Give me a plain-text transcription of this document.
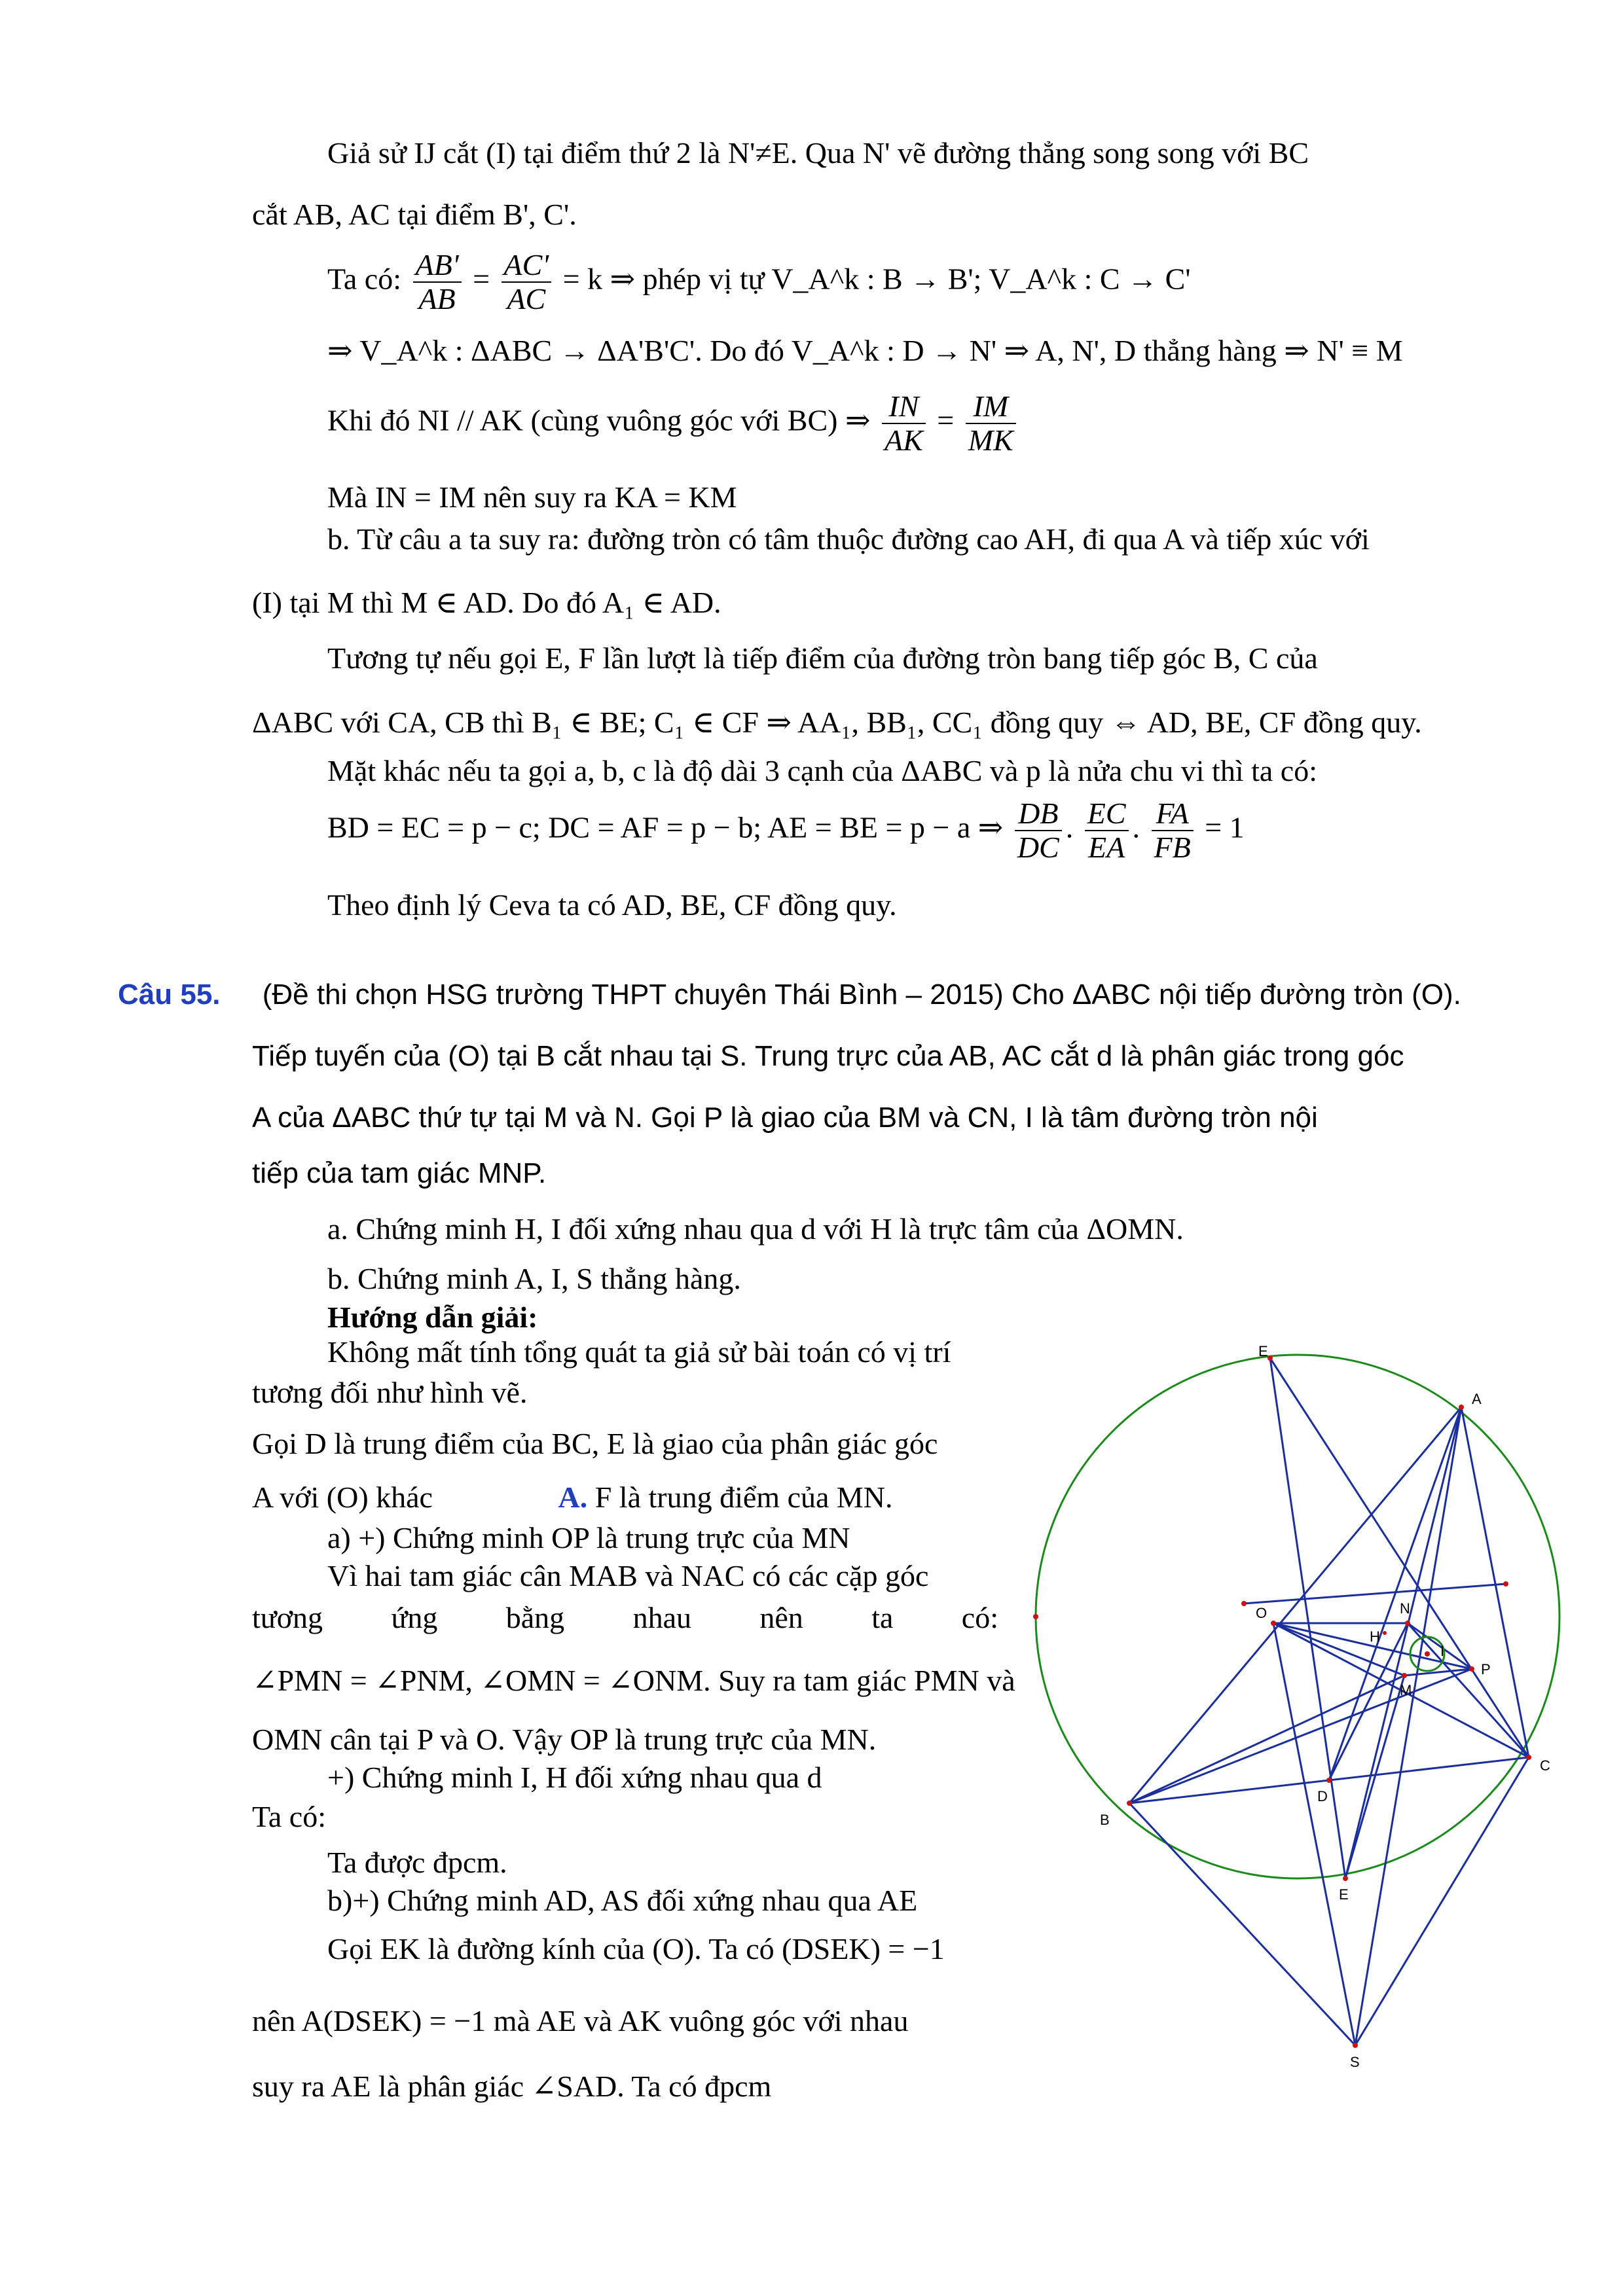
Giả sử IJ cắt (I) tại điểm thứ 2 là N'≠E. Qua N' vẽ đường thẳng song song với BC
cắt AB, AC tại điểm B', C'.
Ta có: $\frac{AB'}{AB} = \frac{AC'}{AC} = k$ ⇒ phép vị tự V_A^k : B → B'; V_A^k : C → C'
⇒ V_A^k : ΔABC → ΔA'B'C'. Do đó V_A^k : D → N' ⇒ A, N', D thẳng hàng ⇒ N' ≡ M
Khi đó NI // AK (cùng vuông góc với BC) ⇒ $\frac{IN}{AK} = \frac{IM}{MK}$
Mà IN = IM nên suy ra KA = KM
b. Từ câu a ta suy ra: đường tròn có tâm thuộc đường cao AH, đi qua A và tiếp xúc với
(I) tại M thì M ∈ AD. Do đó A₁ ∈ AD.
Tương tự nếu gọi E, F lần lượt là tiếp điểm của đường tròn bang tiếp góc B, C của
ΔABC với CA, CB thì B₁ ∈ BE; C₁ ∈ CF ⇒ AA₁, BB₁, CC₁ đồng quy ⇔ AD, BE, CF đồng quy.
Mặt khác nếu ta gọi a, b, c là độ dài 3 cạnh của ΔABC và p là nửa chu vi thì ta có:
BD = EC = p − c; DC = AF = p − b; AE = BE = p − a ⇒ $\frac{DB}{DC}$ . $\frac{EC}{EA}$ . $\frac{FA}{FB} = 1$
Theo định lý Ceva ta có AD, BE, CF đồng quy.
Câu 55. (Đề thi chọn HSG trường THPT chuyên Thái Bình – 2015) Cho ΔABC nội tiếp đường tròn (O).
Tiếp tuyến của (O) tại B cắt nhau tại S. Trung trực của AB, AC cắt d là phân giác trong góc
A của ΔABC thứ tự tại M và N. Gọi P là giao của BM và CN, I là tâm đường tròn nội
tiếp của tam giác MNP.
a. Chứng minh H, I đối xứng nhau qua d với H là trực tâm của ΔOMN.
b. Chứng minh A, I, S thẳng hàng.
Hướng dẫn giải:
Không mất tính tổng quát ta giả sử bài toán có vị trí
tương đối như hình vẽ.
Gọi D là trung điểm của BC, E là giao của phân giác góc
A với (O) khác	A. F là trung điểm của MN.
a) +) Chứng minh OP là trung trực của MN
Vì hai tam giác cân MAB và NAC có các cặp góc
tương ứng bằng nhau nên ta có:
∠PMN = ∠PNM, ∠OMN = ∠ONM. Suy ra tam giác PMN và
OMN cân tại P và O. Vậy OP là trung trực của MN.
+) Chứng minh I, H đối xứng nhau qua d
Ta có:
Ta được đpcm.
b)+) Chứng minh AD, AS đối xứng nhau qua AE
Gọi EK là đường kính của (O). Ta có (DSEK) = −1
nên A(DSEK) = −1 mà AE và AK vuông góc với nhau
suy ra AE là phân giác ∠SAD. Ta có đpcm
E
A
O	N
H
I
P
M
D
C
B
E
S
